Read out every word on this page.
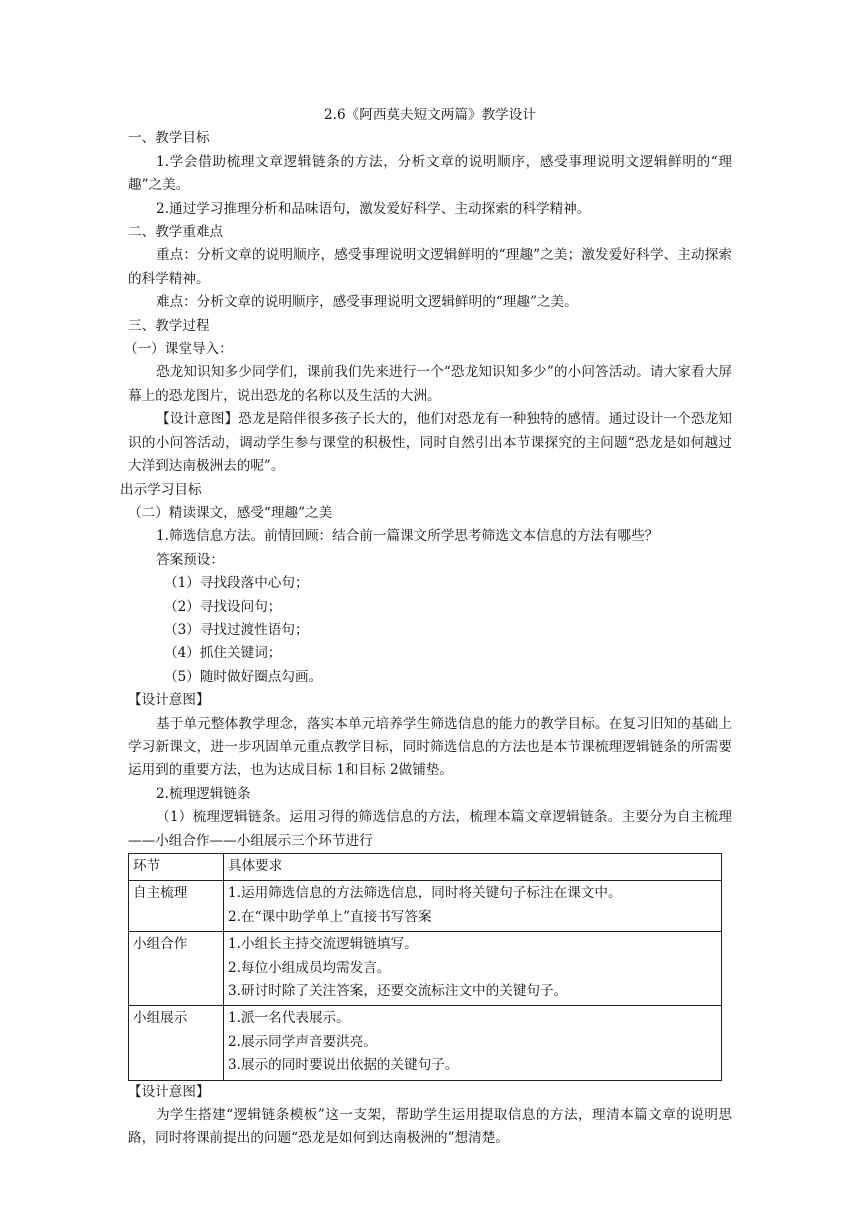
2.6《阿西莫夫短文两篇》教学设计

一、教学目标

1.学会借助梳理文章逻辑链条的方法，分析文章的说明顺序，感受事理说明文逻辑鲜明的“理趣”之美。

2.通过学习推理分析和品味语句，激发爱好科学、主动探索的科学精神。

二、教学重难点

重点：分析文章的说明顺序，感受事理说明文逻辑鲜明的“理趣”之美；激发爱好科学、主动探索的科学精神。

难点：分析文章的说明顺序，感受事理说明文逻辑鲜明的“理趣”之美。

三、教学过程

（一）课堂导入：

恐龙知识知多少同学们，课前我们先来进行一个“恐龙知识知多少”的小问答活动。请大家看大屏幕上的恐龙图片，说出恐龙的名称以及生活的大洲。

【设计意图】恐龙是陪伴很多孩子长大的，他们对恐龙有一种独特的感情。通过设计一个恐龙知识的小问答活动，调动学生参与课堂的积极性，同时自然引出本节课探究的主问题“恐龙是如何越过大洋到达南极洲去的呢”。

出示学习目标

（二）精读课文，感受“理趣”之美

1.筛选信息方法。前情回顾：结合前一篇课文所学思考筛选文本信息的方法有哪些？

答案预设：

（1）寻找段落中心句；

（2）寻找设问句；

（3）寻找过渡性语句；

（4）抓住关键词；

（5）随时做好圈点勾画。

【设计意图】

基于单元整体教学理念，落实本单元培养学生筛选信息的能力的教学目标。在复习旧知的基础上学习新课文，进一步巩固单元重点教学目标，同时筛选信息的方法也是本节课梳理逻辑链条的所需要运用到的重要方法，也为达成目标 1和目标 2做铺垫。

2.梳理逻辑链条

（1）梳理逻辑链条。运用习得的筛选信息的方法，梳理本篇文章逻辑链条。主要分为自主梳理——小组合作——小组展示三个环节进行

环节	具体要求
自主梳理	1.运用筛选信息的方法筛选信息，同时将关键句子标注在课文中。
2.在“课中助学单上”直接书写答案

小组合作	1.小组长主持交流逻辑链填写。
2.每位小组成员均需发言。
3.研讨时除了关注答案，还要交流标注文中的关键句子。

小组展示	1.派一名代表展示。
2.展示同学声音要洪亮。
3.展示的同时要说出依据的关键句子。

【设计意图】

为学生搭建“逻辑链条模板”这一支架，帮助学生运用提取信息的方法，理清本篇文章的说明思路，同时将课前提出的问题“恐龙是如何到达南极洲的”想清楚。
